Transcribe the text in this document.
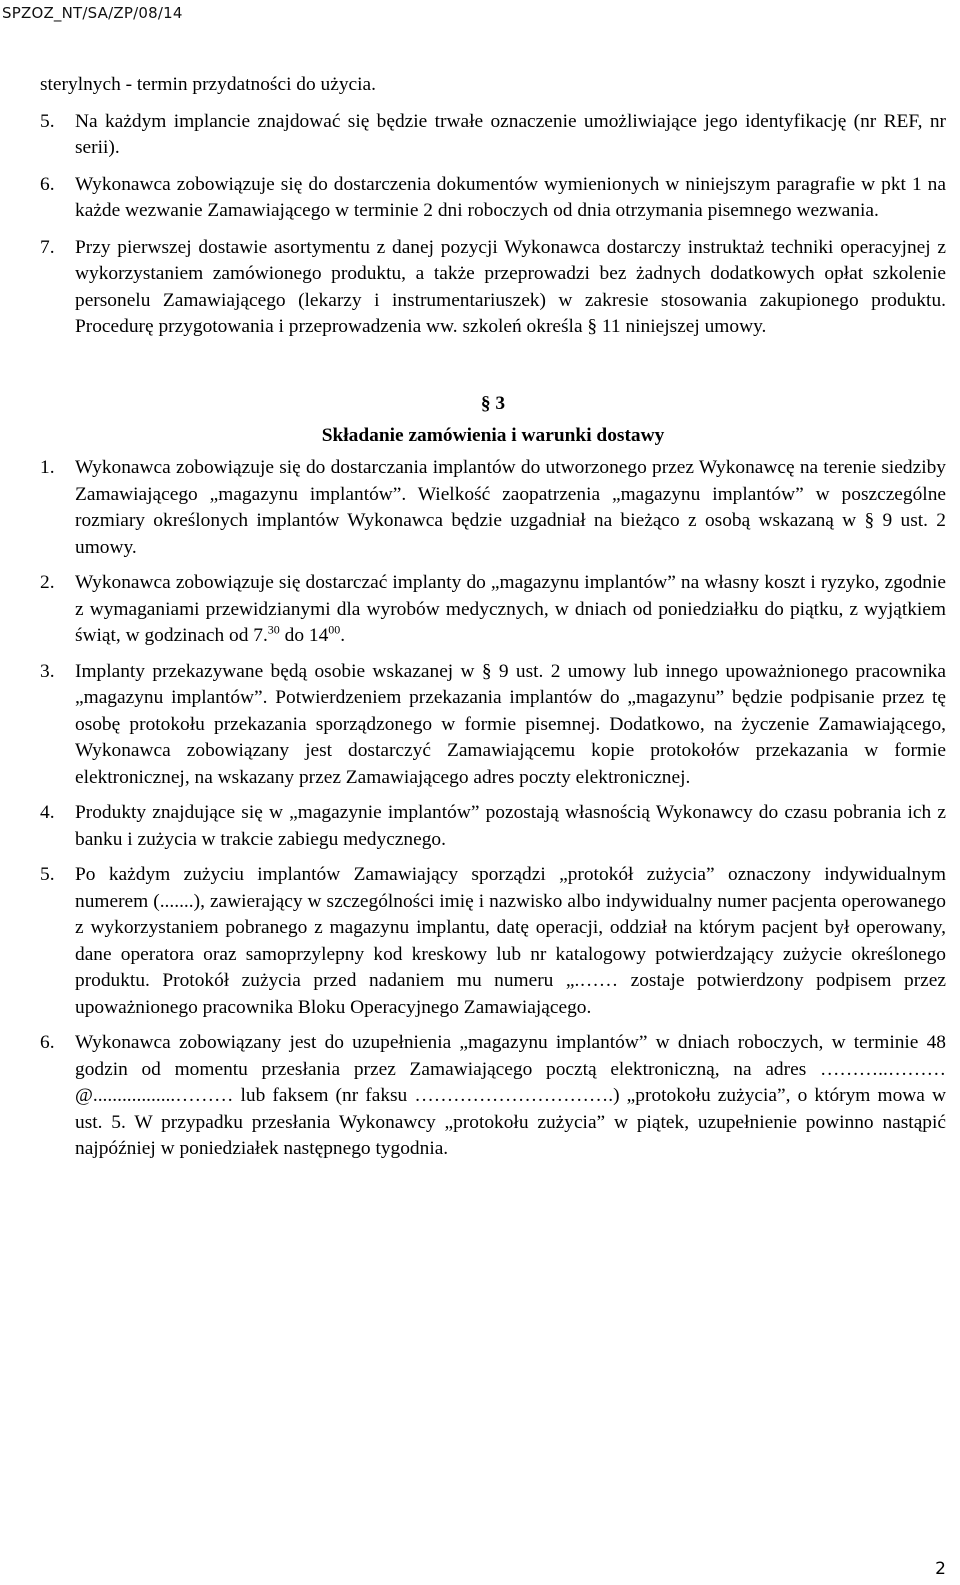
SPZOZ_NT/SA/ZP/08/14

sterylnych - termin przydatności do użycia.

5.	Na każdym implancie znajdować się będzie trwałe oznaczenie umożliwiające jego identyfikację (nr REF, nr serii).
6.	Wykonawca zobowiązuje się do dostarczenia dokumentów wymienionych w niniejszym paragrafie w pkt 1 na każde wezwanie Zamawiającego w terminie 2 dni roboczych od dnia otrzymania pisemnego wezwania.
7.	Przy pierwszej dostawie asortymentu z danej pozycji Wykonawca dostarczy instruktaż techniki operacyjnej z wykorzystaniem zamówionego produktu, a także przeprowadzi bez żadnych dodatkowych opłat szkolenie personelu Zamawiającego (lekarzy i instrumentariuszek) w zakresie stosowania zakupionego produktu. Procedurę przygotowania i przeprowadzenia ww. szkoleń określa § 11 niniejszej umowy.
§ 3
Składanie zamówienia i warunki dostawy
1.	Wykonawca zobowiązuje się do dostarczania implantów do utworzonego przez Wykonawcę na terenie siedziby Zamawiającego „magazynu implantów”. Wielkość zaopatrzenia „magazynu implantów” w poszczególne rozmiary określonych implantów Wykonawca będzie uzgadniał na bieżąco z osobą wskazaną w § 9 ust. 2 umowy.
2.	Wykonawca zobowiązuje się dostarczać implanty do „magazynu implantów” na własny koszt i ryzyko, zgodnie z wymaganiami przewidzianymi dla wyrobów medycznych, w dniach od poniedziałku do piątku, z wyjątkiem świąt, w godzinach od 7.30 do $14^{00}$.
3.	Implanty przekazywane będą osobie wskazanej w § 9 ust. 2 umowy lub innego upoważnionego pracownika „magazynu implantów”. Potwierdzeniem przekazania implantów do „magazynu” będzie podpisanie przez tę osobę protokołu przekazania sporządzonego w formie pisemnej. Dodatkowo, na życzenie Zamawiającego, Wykonawca zobowiązany jest dostarczyć Zamawiającemu kopie protokołów przekazania w formie elektronicznej, na wskazany przez Zamawiającego adres poczty elektronicznej.
4.	Produkty znajdujące się w „magazynie implantów” pozostają własnością Wykonawcy do czasu pobrania ich z banku i zużycia w trakcie zabiegu medycznego.
5.	Po każdym zużyciu implantów Zamawiający sporządzi „protokół zużycia” oznaczony indywidualnym numerem (.......), zawierający w szczególności imię i nazwisko albo indywidualny numer pacjenta operowanego z wykorzystaniem pobranego z magazynu implantu, datę operacji, oddział na którym pacjent był operowany, dane operatora oraz samoprzylepny kod kreskowy lub nr katalogowy potwierdzający zużycie określonego produktu. Protokół zużycia przed nadaniem mu numeru „.…… zostaje potwierdzony podpisem przez upoważnionego pracownika Bloku Operacyjnego Zamawiającego.
6.	Wykonawca zobowiązany jest do uzupełnienia „magazynu implantów” w dniach roboczych, w terminie 48 godzin od momentu przesłania przez Zamawiającego pocztą elektroniczną, na adres ………..………@.................……… lub faksem (nr faksu ………………………….) „protokołu zużycia”, o którym mowa w ust. 5. W przypadku przesłania Wykonawcy „protokołu zużycia” w piątek, uzupełnienie powinno nastąpić najpóźniej w poniedziałek następnego tygodnia.
2
